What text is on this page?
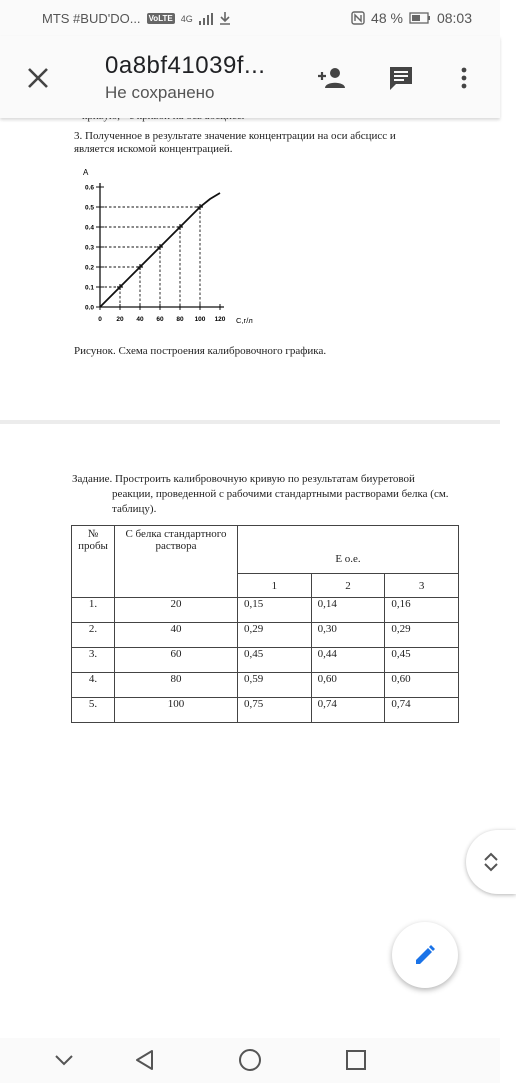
MTS #BUD'DO... VoLTE 4G	48 % 08:03
0a8bf41039f...
Не сохранено
3. Полученное в результате значение концентрации на оси абсцисс и является искомой концентрацией.
A
С,г/л
0.0
0.1
0.2
0.3
0.4
0.5
0.6
0 20 40 60 80 100 120
Рисунок. Схема построения калибровочного графика.
Задание. Простроить калибровочную кривую по результатам биуретовой
реакции, проведенной с рабочими стандартными растворами белка (см.
таблицу).
№ пробы	С белка стандартного раствора	Е о.е.		
		1	2	3
1.	20	0,15	0,14	0,16
2.	40	0,29	0,30	0,29
3.	60	0,45	0,44	0,45
4.	80	0,59	0,60	0,60
5.	100	0,75	0,74	0,74
